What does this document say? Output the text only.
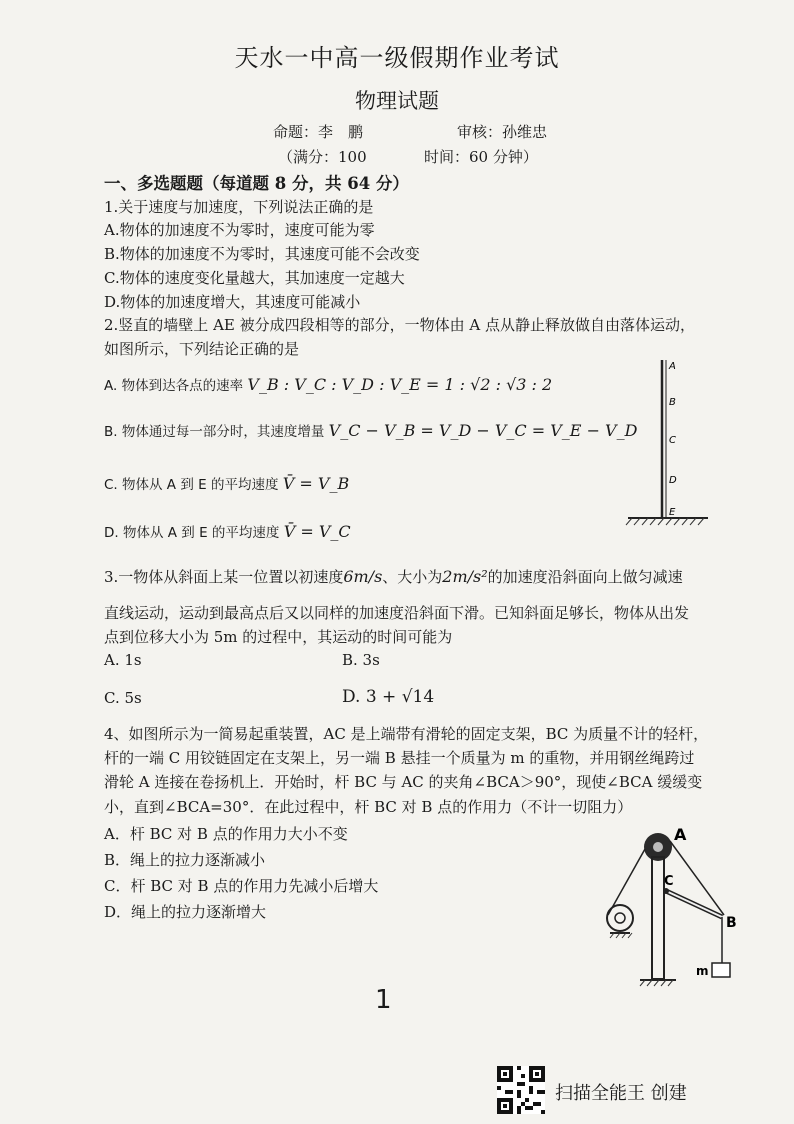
天水一中高一级假期作业考试
物理试题
命题：李　鹏	审核：孙维忠
（满分：100	时间：60 分钟）
一、多选题题（每道题 8 分，共 64 分）
1.关于速度与加速度，下列说法正确的是
A.物体的加速度不为零时，速度可能为零
B.物体的加速度不为零时，其速度可能不会改变
C.物体的速度变化量越大，其加速度一定越大
D.物体的加速度增大，其速度可能减小
2.竖直的墙壁上 AE 被分成四段相等的部分，一物体由 A 点从静止释放做自由落体运动，
如图所示，下列结论正确的是
A. 物体到达各点的速率 V_B : V_C : V_D : V_E = 1 : √2 : √3 : 2
B. 物体通过每一部分时，其速度增量 V_C − V_B = V_D − V_C = V_E − V_D
C. 物体从 A 到 E 的平均速度 V̄ = V_B
D. 物体从 A 到 E 的平均速度 V̄ = V_C
A
B
C
D
E
3.一物体从斜面上某一位置以初速度6m/s、大小为2m/s²的加速度沿斜面向上做匀减速
直线运动，运动到最高点后又以同样的加速度沿斜面下滑。已知斜面足够长，物体从出发
点到位移大小为 5m 的过程中，其运动的时间可能为
A. 1s	B. 3s
C. 5s	D. 3 + √14
4、如图所示为一简易起重装置，AC 是上端带有滑轮的固定支架，BC 为质量不计的轻杆，
杆的一端 C 用铰链固定在支架上，另一端 B 悬挂一个质量为 m 的重物，并用钢丝绳跨过
滑轮 A 连接在卷扬机上．开始时，杆 BC 与 AC 的夹角∠BCA＞90°，现使∠BCA 缓缓变
小，直到∠BCA=30°．在此过程中，杆 BC 对 B 点的作用力（不计一切阻力）
A．杆 BC 对 B 点的作用力大小不变
B．绳上的拉力逐渐减小
C．杆 BC 对 B 点的作用力先减小后增大
D．绳上的拉力逐渐增大
A
C
B
m
1
扫描全能王 创建
